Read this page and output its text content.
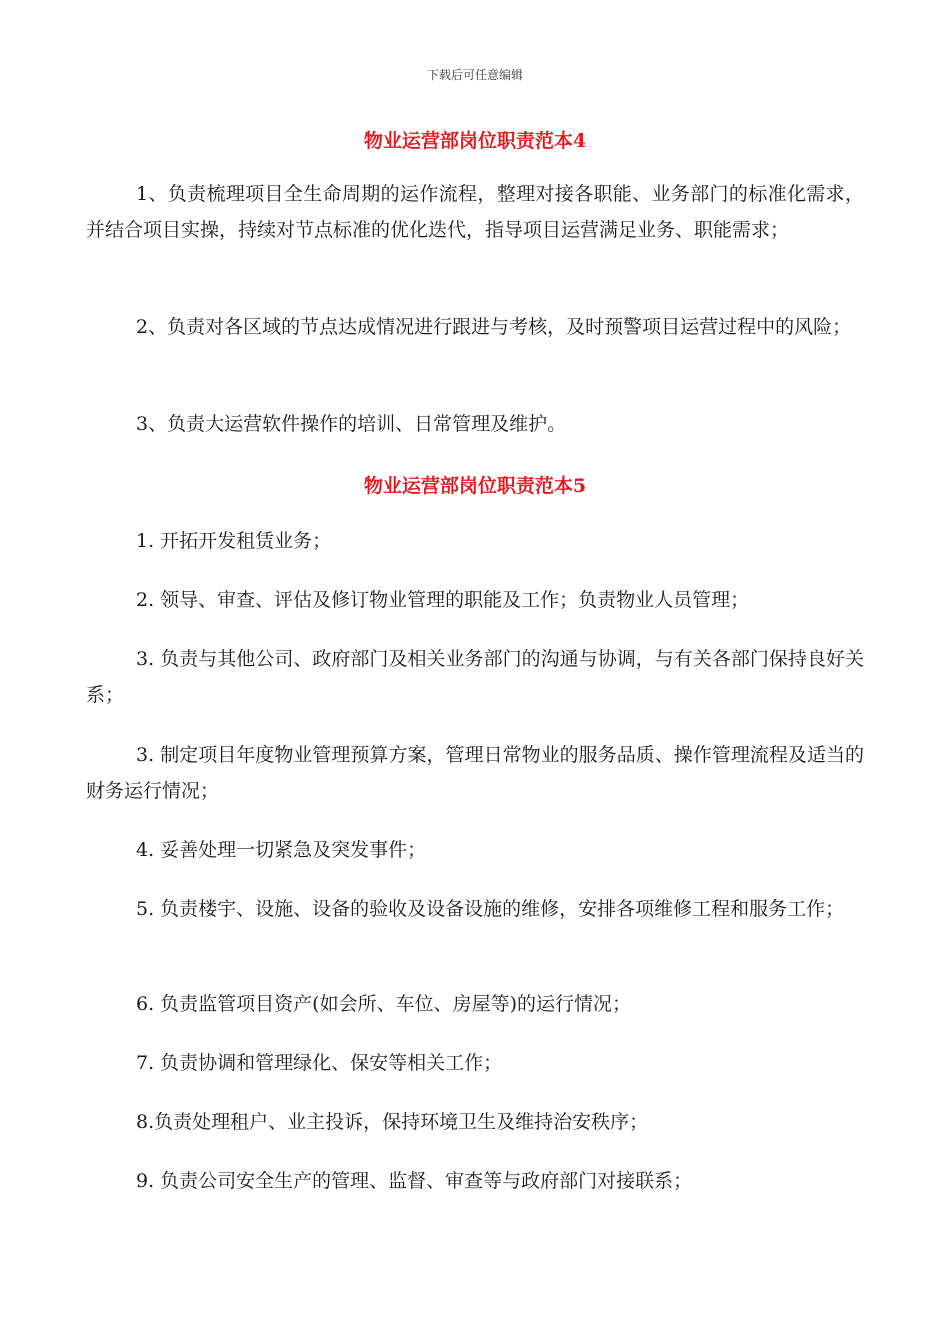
下载后可任意编辑
物业运营部岗位职责范本4

1、负责梳理项目全生命周期的运作流程，整理对接各职能、业务部门的标准化需求，并结合项目实操，持续对节点标准的优化迭代，指导项目运营满足业务、职能需求；

2、负责对各区域的节点达成情况进行跟进与考核，及时预警项目运营过程中的风险；

3、负责大运营软件操作的培训、日常管理及维护。

物业运营部岗位职责范本5

1. 开拓开发租赁业务；

2. 领导、审查、评估及修订物业管理的职能及工作；负责物业人员管理；

3. 负责与其他公司、政府部门及相关业务部门的沟通与协调，与有关各部门保持良好关系；

3. 制定项目年度物业管理预算方案，管理日常物业的服务品质、操作管理流程及适当的财务运行情况；

4. 妥善处理一切紧急及突发事件；

5. 负责楼宇、设施、设备的验收及设备设施的维修，安排各项维修工程和服务工作；

6. 负责监管项目资产(如会所、车位、房屋等)的运行情况；

7. 负责协调和管理绿化、保安等相关工作；

8.负责处理租户、业主投诉，保持环境卫生及维持治安秩序；

9. 负责公司安全生产的管理、监督、审查等与政府部门对接联系；
